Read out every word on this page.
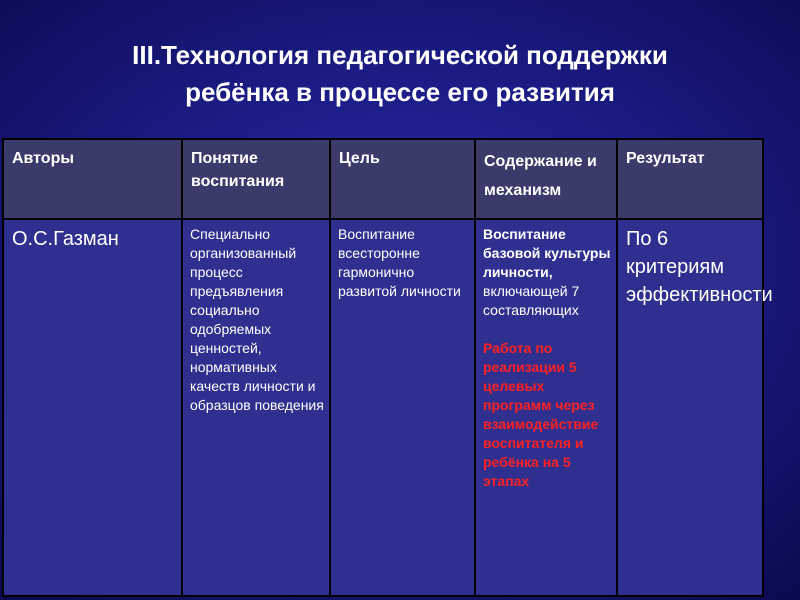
III.Технология педагогической поддержки
ребёнка в процессе его развития
Авторы	Понятие воспитания	Цель	Содержание и механизм	Результат

О.С.Газман	Специально организованный процесс предъявления социально одобряемых ценностей, нормативных качеств личности и образцов поведения	Воспитание всесторонне гармонично развитой личности	Воспитание базовой культуры личности,
включающей 7 составляющих
Работа по реализации 5 целевых программ через взаимодействие воспитателя и ребёнка на 5 этапах	По 6 критериям эффективности
